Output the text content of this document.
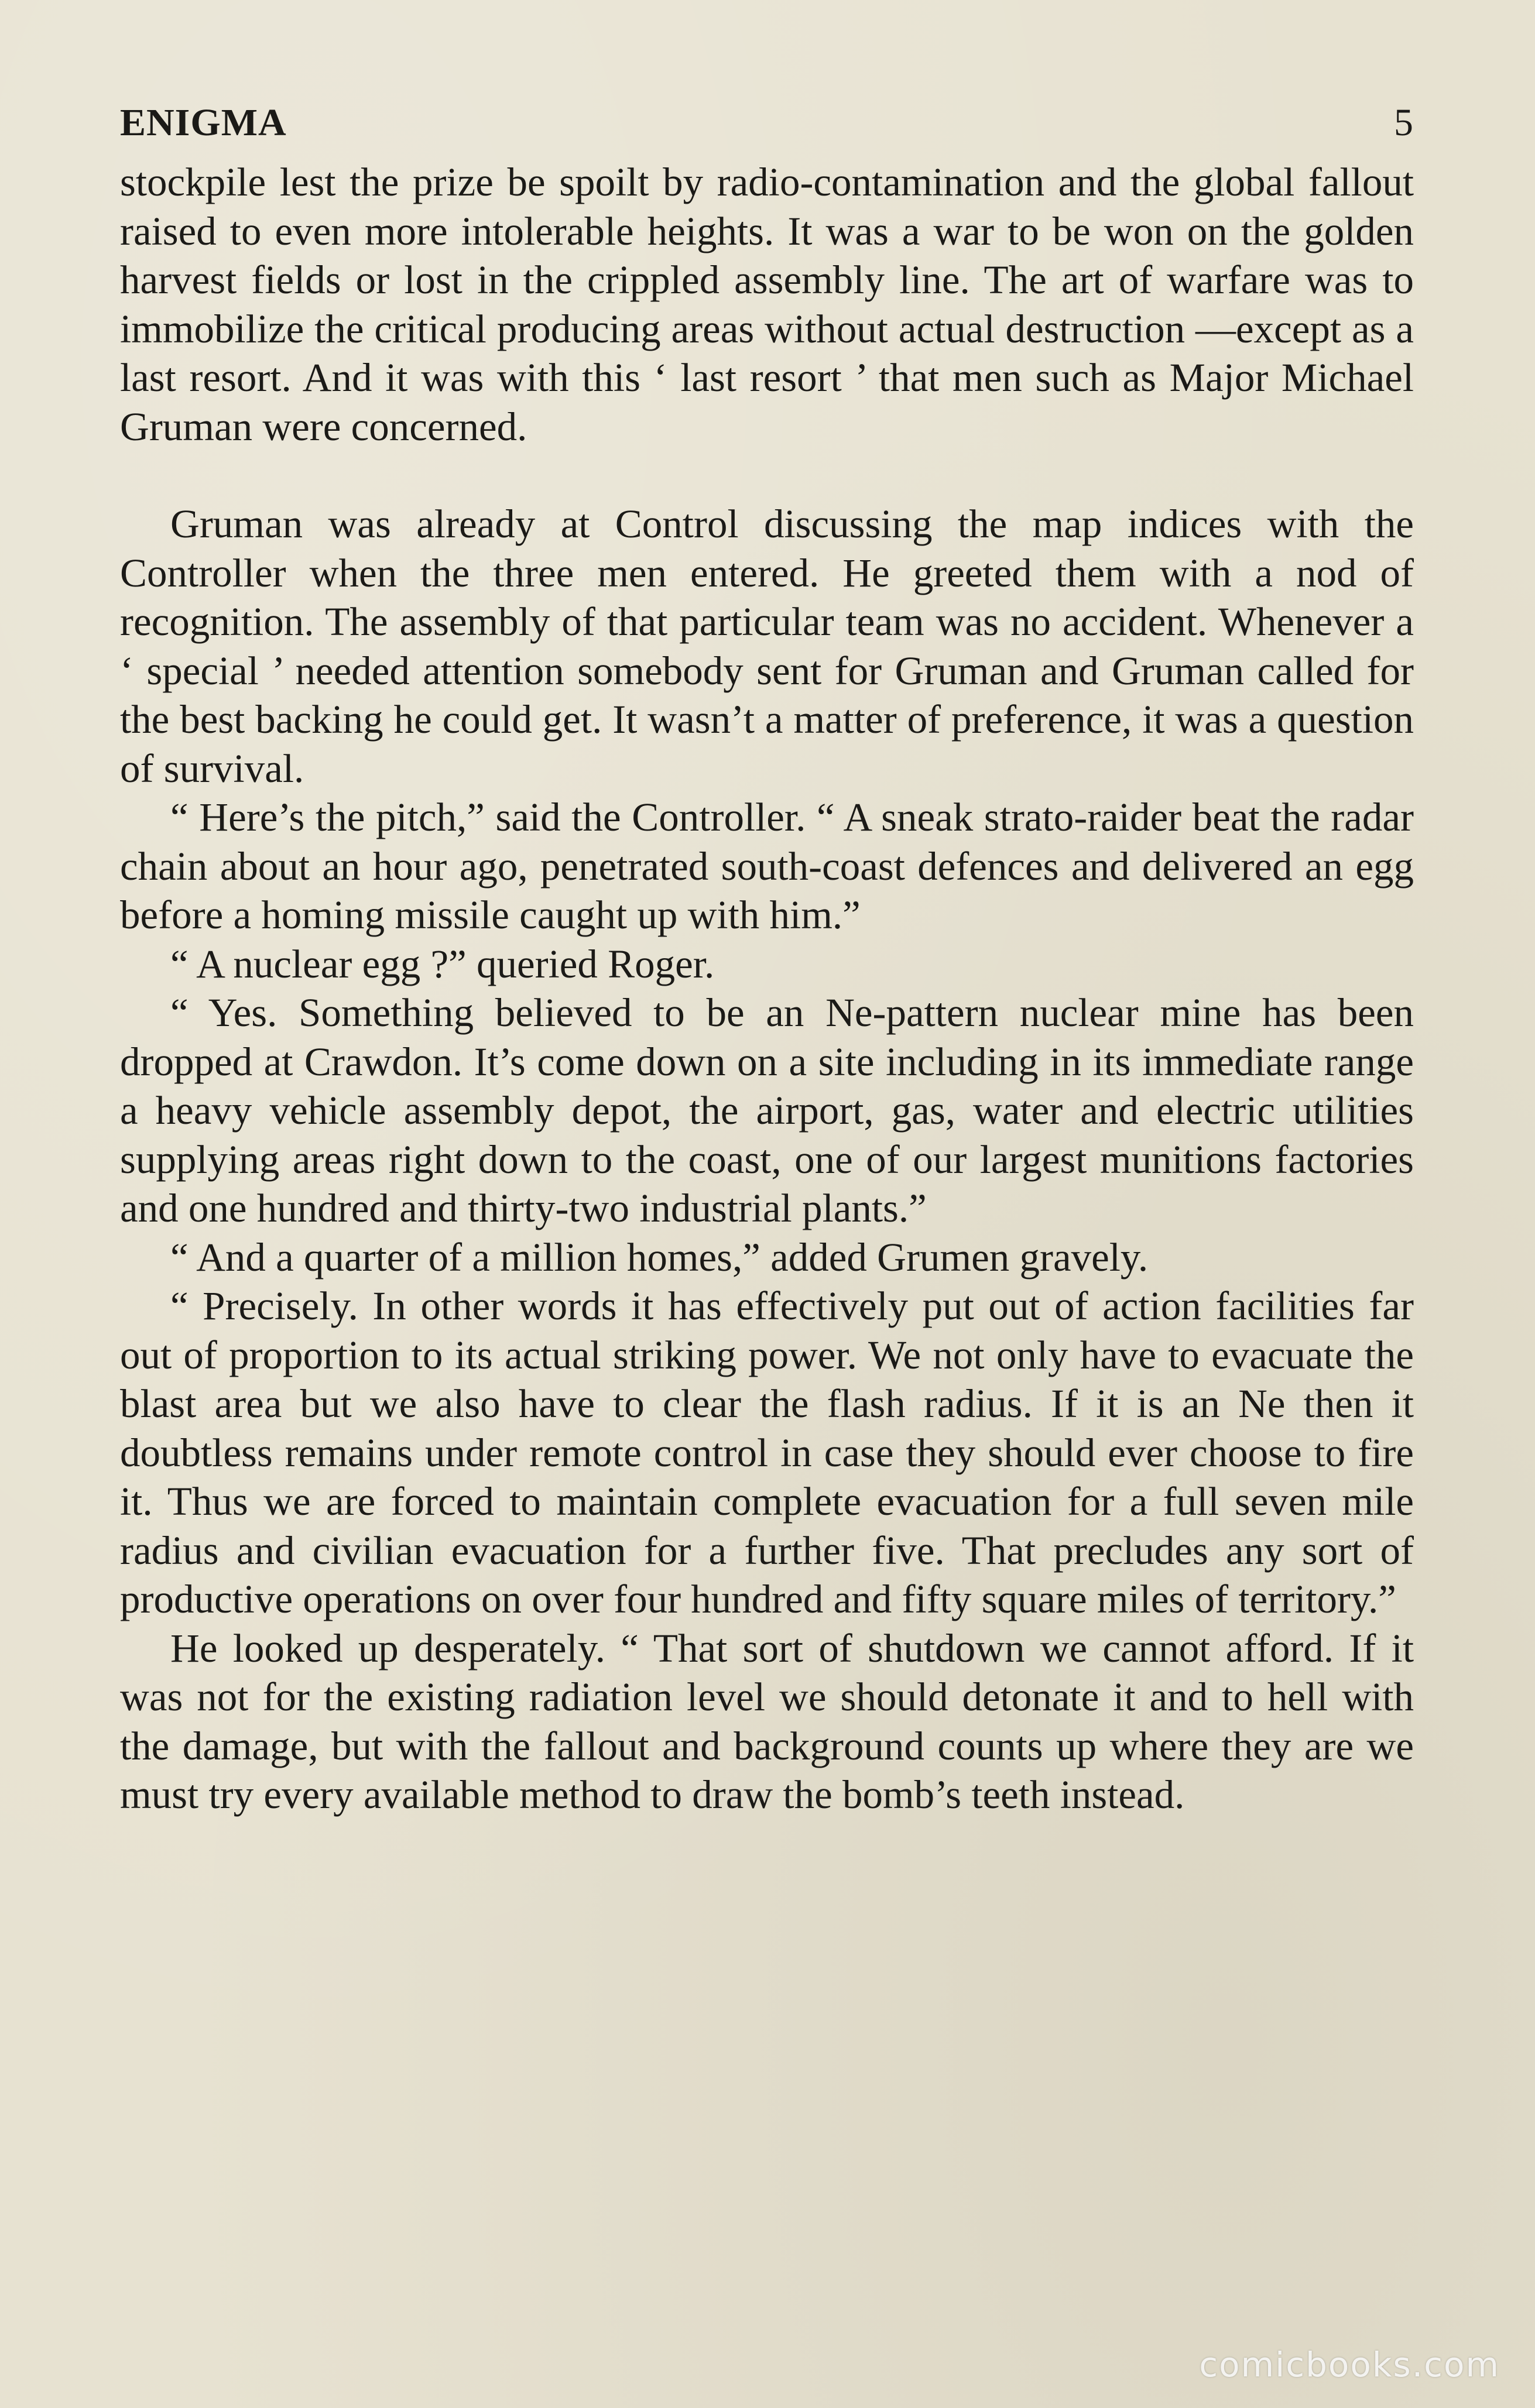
ENIGMA	5

stockpile lest the prize be spoilt by radio-contamination and the global fallout raised to even more intolerable heights. It was a war to be won on the golden harvest fields or lost in the crippled assembly line. The art of warfare was to immobilize the critical producing areas without actual destruction —except as a last resort. And it was with this ‘ last resort ’ that men such as Major Michael Gruman were concerned.

Gruman was already at Control discussing the map indices with the Controller when the three men entered. He greeted them with a nod of recognition. The assembly of that particular team was no accident. Whenever a ‘ special ’ needed attention somebody sent for Gruman and Gruman called for the best backing he could get. It wasn’t a matter of preference, it was a question of survival.

“ Here’s the pitch,” said the Controller. “ A sneak strato-raider beat the radar chain about an hour ago, penetrated south-coast defences and delivered an egg before a homing missile caught up with him.”

“ A nuclear egg ?” queried Roger.

“ Yes. Something believed to be an Ne-pattern nuclear mine has been dropped at Crawdon. It’s come down on a site including in its immediate range a heavy vehicle assembly depot, the airport, gas, water and electric utilities supplying areas right down to the coast, one of our largest munitions factories and one hundred and thirty-two industrial plants.”

“ And a quarter of a million homes,” added Grumen gravely.

“ Precisely. In other words it has effectively put out of action facilities far out of proportion to its actual striking power. We not only have to evacuate the blast area but we also have to clear the flash radius. If it is an Ne then it doubtless remains under remote control in case they should ever choose to fire it. Thus we are forced to maintain complete evacuation for a full seven mile radius and civilian evacuation for a further five. That precludes any sort of productive operations on over four hundred and fifty square miles of territory.”

He looked up desperately. “ That sort of shutdown we cannot afford. If it was not for the existing radiation level we should detonate it and to hell with the damage, but with the fallout and background counts up where they are we must try every available method to draw the bomb’s teeth instead.

comicbooks.com
